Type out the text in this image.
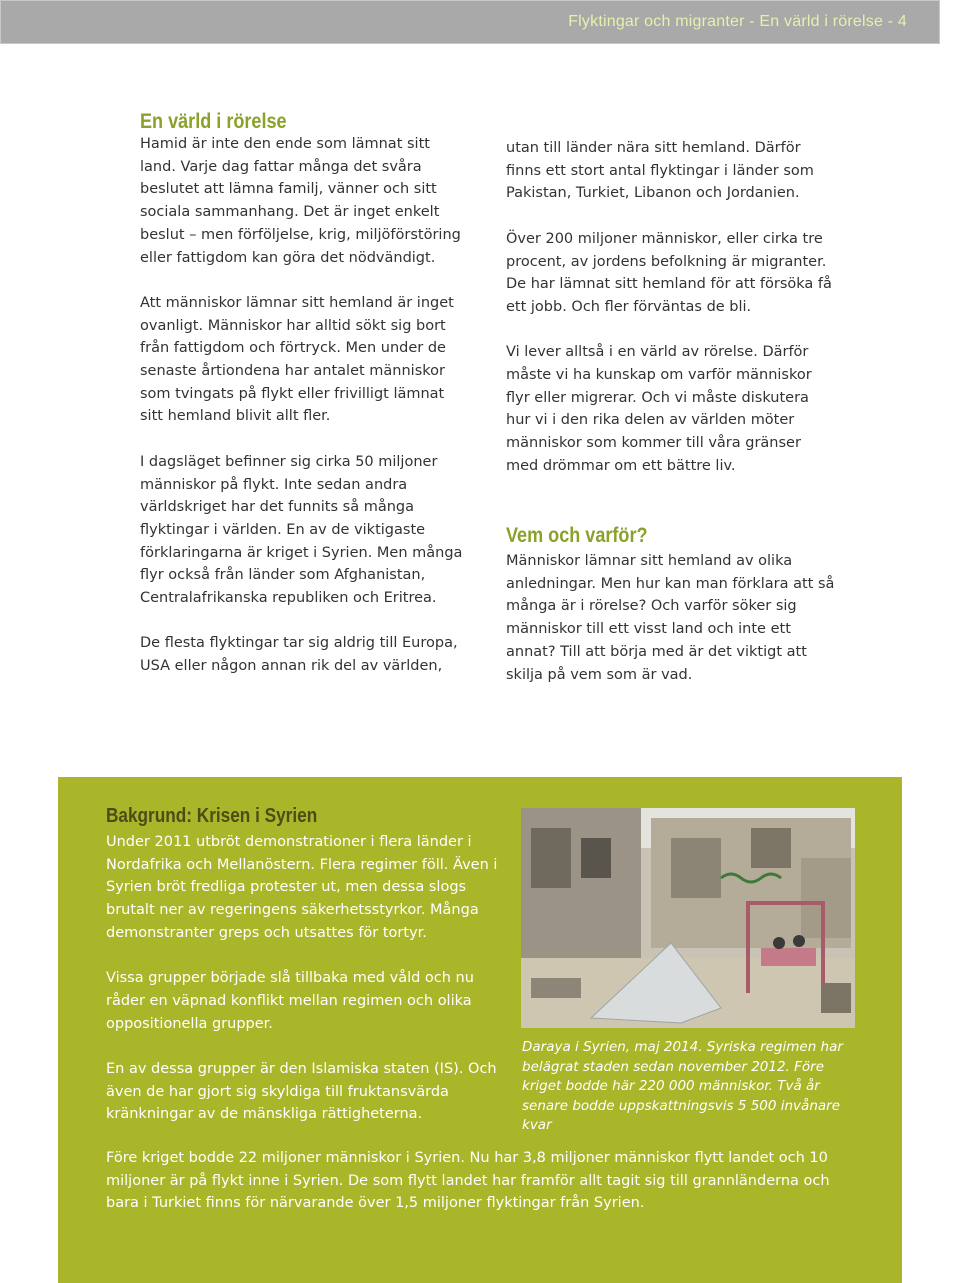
Flyktingar och migranter - En värld i rörelse - 4
En värld i rörelse

Hamid är inte den ende som lämnat sitt land. Varje dag fattar många det svåra beslutet att lämna familj, vänner och sitt sociala sammanhang. Det är inget enkelt beslut – men förföljelse, krig, miljöförstöring eller fattigdom kan göra det nödvändigt.

Att människor lämnar sitt hemland är inget ovanligt. Människor har alltid sökt sig bort från fattigdom och förtryck. Men under de senaste årtiondena har antalet människor som tvingats på flykt eller frivilligt lämnat sitt hemland blivit allt fler.

I dagsläget befinner sig cirka 50 miljoner människor på flykt. Inte sedan andra världskriget har det funnits så många flyktingar i världen. En av de viktigaste förklaringarna är kriget i Syrien. Men många flyr också från länder som Afghanistan, Centralafrikanska republiken och Eritrea.

De flesta flyktingar tar sig aldrig till Europa, USA eller någon annan rik del av världen,

utan till länder nära sitt hemland. Därför finns ett stort antal flyktingar i länder som Pakistan, Turkiet, Libanon och Jordanien.

Över 200 miljoner människor, eller cirka tre procent, av jordens befolkning är migranter. De har lämnat sitt hemland för att försöka få ett jobb. Och fler förväntas de bli.

Vi lever alltså i en värld av rörelse. Därför måste vi ha kunskap om varför människor flyr eller migrerar. Och vi måste diskutera hur vi i den rika delen av världen möter människor som kommer till våra gränser med drömmar om ett bättre liv.

Vem och varför?

Människor lämnar sitt hemland av olika anledningar. Men hur kan man förklara att så många är i rörelse? Och varför söker sig människor till ett visst land och inte ett annat? Till att börja med är det viktigt att skilja på vem som är vad.

Bakgrund: Krisen i Syrien

Under 2011 utbröt demonstrationer i flera länder i Nordafrika och Mellanöstern. Flera regimer föll. Även i Syrien bröt fredliga protester ut, men dessa slogs brutalt ner av regeringens säkerhetsstyrkor. Många demonstranter greps och utsattes för tortyr.

Vissa grupper började slå tillbaka med våld och nu råder en väpnad konflikt mellan regimen och olika oppositionella grupper.

En av dessa grupper är den Islamiska staten (IS). Och även de har gjort sig skyldiga till fruktansvärda kränkningar av de mänskliga rättigheterna.

Före kriget bodde 22 miljoner människor i Syrien. Nu har 3,8 miljoner människor flytt landet och 10 miljoner är på flykt inne i Syrien. De som flytt landet har framför allt tagit sig till grannländerna och bara i Turkiet finns för närvarande över 1,5 miljoner flyktingar från Syrien.

Daraya i Syrien, maj 2014. Syriska regimen har belägrat staden sedan november 2012. Före kriget bodde här 220 000 människor. Två år senare bodde uppskattningsvis 5 500 invånare kvar
